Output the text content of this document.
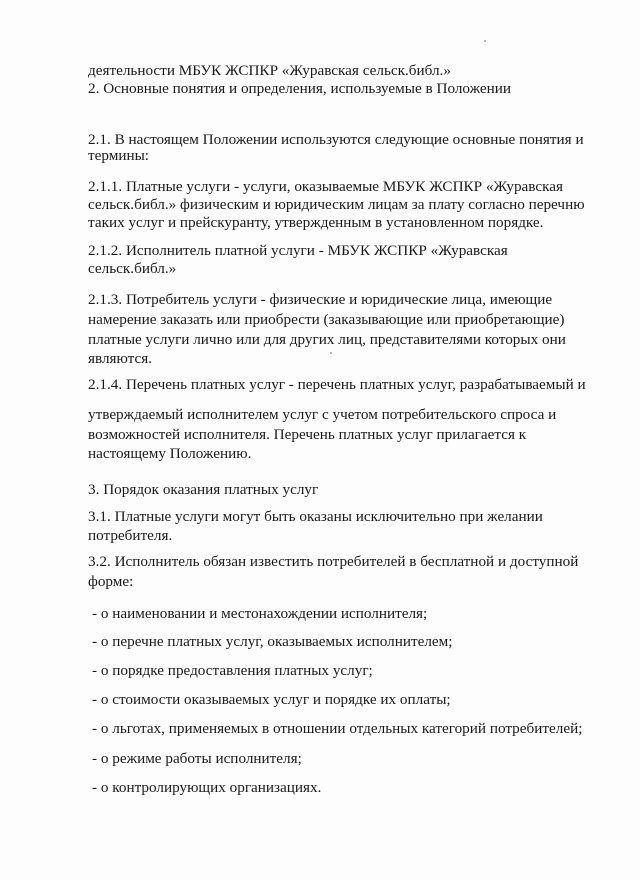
деятельности МБУК ЖСПКР «Журавская сельск.библ.»

2. Основные понятия и определения, используемые в Положении

2.1. В настоящем Положении используются следующие основные понятия и

термины:

2.1.1. Платные услуги - услуги, оказываемые МБУК ЖСПКР «Журавская

сельск.библ.» физическим и юридическим лицам за плату согласно перечню

таких услуг и прейскуранту, утвержденным в установленном порядке.

2.1.2. Исполнитель платной услуги - МБУК ЖСПКР «Журавская

сельск.библ.»

2.1.3. Потребитель услуги - физические и юридические лица, имеющие

намерение заказать или приобрести (заказывающие или приобретающие)

платные услуги лично или для других лиц, представителями которых они

являются.

2.1.4. Перечень платных услуг - перечень платных услуг, разрабатываемый и

утверждаемый исполнителем услуг с учетом потребительского спроса и

возможностей исполнителя. Перечень платных услуг прилагается к

настоящему Положению.

3. Порядок оказания платных услуг

3.1. Платные услуги могут быть оказаны исключительно при желании

потребителя.

3.2. Исполнитель обязан известить потребителей в бесплатной и доступной

форме:

- о наименовании и местонахождении исполнителя;

- о перечне платных услуг, оказываемых исполнителем;

- о порядке предоставления платных услуг;

- о стоимости оказываемых услуг и порядке их оплаты;

- о льготах, применяемых в отношении отдельных категорий потребителей;

- о режиме работы исполнителя;

- о контролирующих организациях.
